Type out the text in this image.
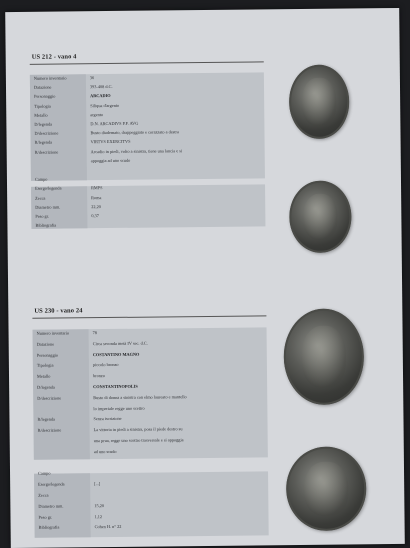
US 212 - vano 4
Numero inventario	36
Datazione	393-408 d.C.
Personaggio	ARCADIO
Tipologia	Siliqua d'argento
Metallo	argento
D/legenda	D.N. ARCADIVS P.F. AVG
D/descrizione	Busto diademato, drappeggiato e corazzato a destra
R/legenda	VIRTVS EXERCITVS
R/descrizione	Arcadio in piedi, volto a sinistra, tiene una lancia e si
appoggia ad uno scudo
Campo
Esergo/legenda	RMPS
Zecca	Roma
Diametro mm.	22,20
Peso gr.	0,37
Bibliografia
US 230 - vano 24
Numero inventario	78
Datazione	Circa seconda metà IV sec. d.C.
Personaggio	COSTANTINO MAGNO
Tipologia	piccolo bronzo
Metallo	bronzo
D/legenda	CONSTANTINOPOLIS
D/descrizione	Busto di donna a sinistra con elmo laureato e mantello
lo imperiale regge uno scettro
R/legenda	Senza iscrizione
R/descrizione	La vittoria in piedi a sinistra, posa il piede destro su
una prua, regge uno scettro trasversale e si appoggia
ad uno scudo
Campo
Esergo/legenda	[...]
Zecca
Diametro mm.	15,20
Peso gr.	1,12
Bibliografia	Cohen H. n° 22
